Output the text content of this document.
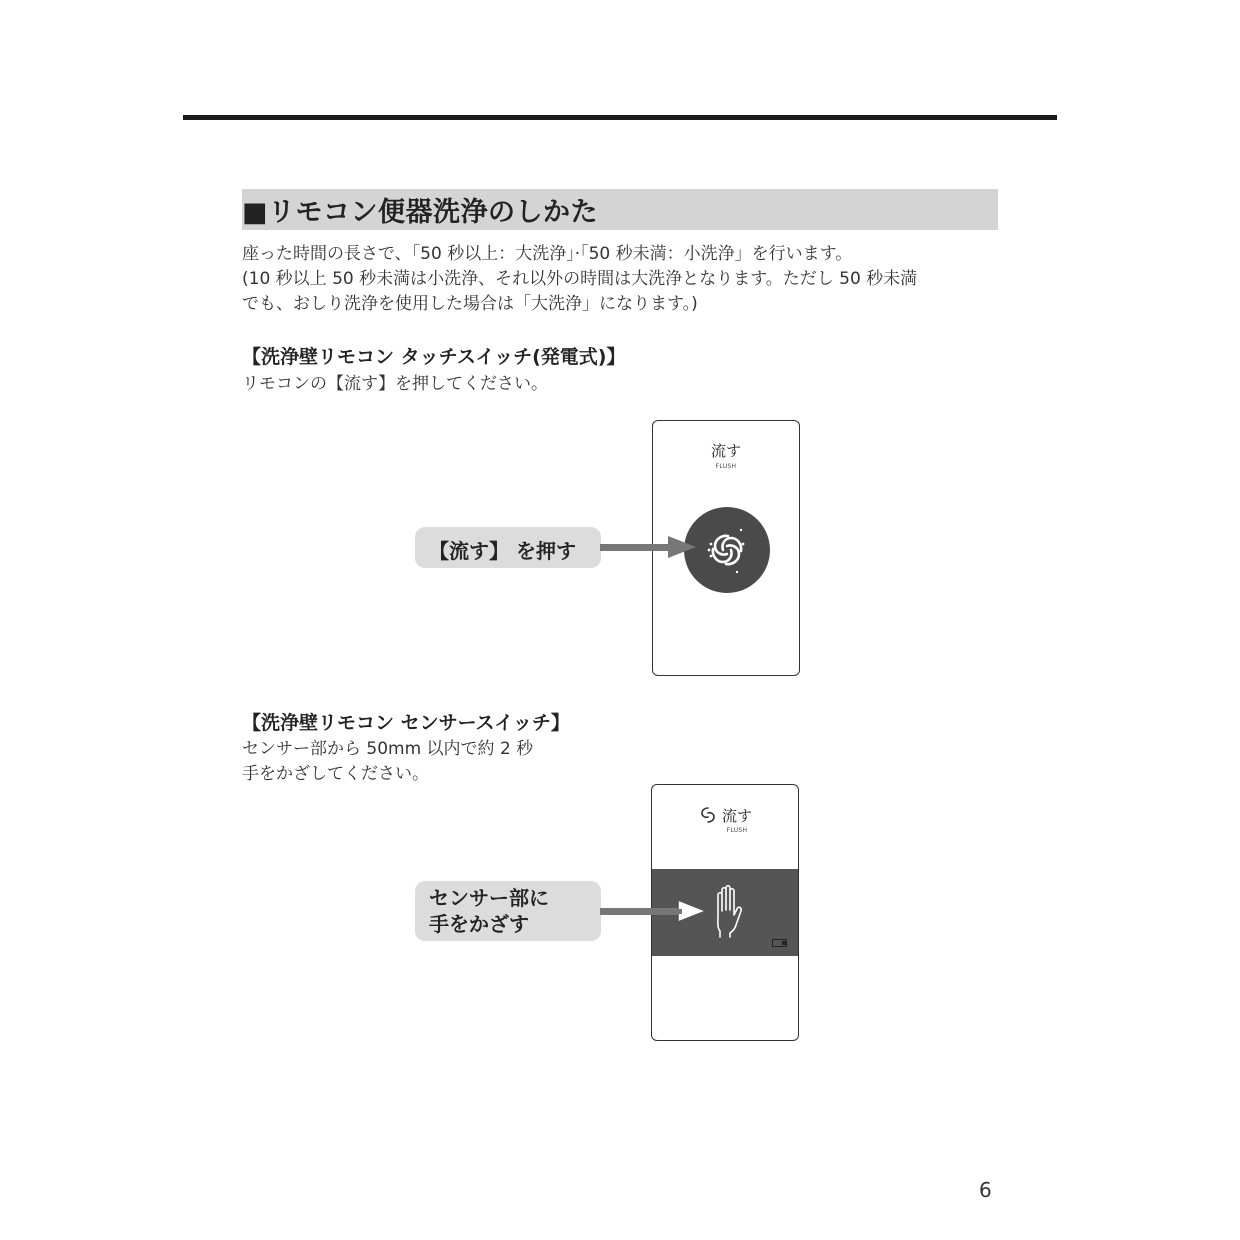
■リモコン便器洗浄のしかた
座った時間の長さで、「50 秒以上：大洗浄」·「50 秒未満：小洗浄」を行います。
(10 秒以上 50 秒未満は小洗浄、それ以外の時間は大洗浄となります。ただし 50 秒未満
でも、おしり洗浄を使用した場合は「大洗浄」になります。)
【洗浄壁リモコン タッチスイッチ(発電式)】
リモコンの【流す】を押してください。
流す
FLUSH
【流す】 を押す
【洗浄壁リモコン センサースイッチ】
センサー部から 50mm 以内で約 2 秒
手をかざしてください。
流す
FLUSH
センサー部に
手をかざす
6
